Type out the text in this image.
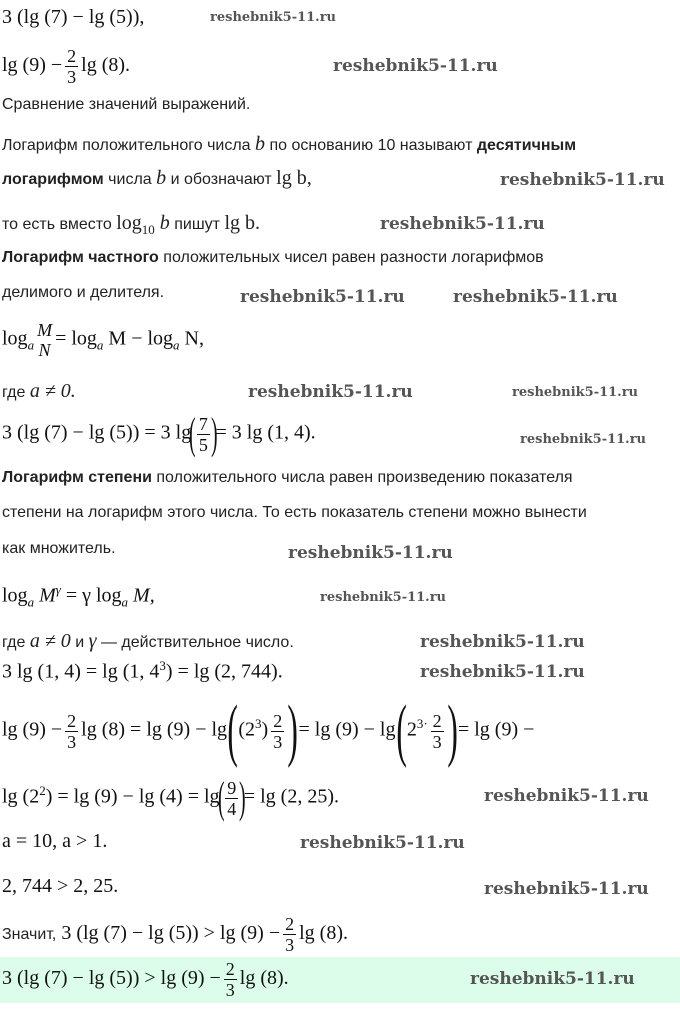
3 (lg (7) − lg (5)),
$\lg (9) - \frac{2}{3}$ lg (8).
Сравнение значений выражений.
Логарифм положительного числа b по основанию 10 называют десятичным
логарифмом числа b и обозначают lg b,
то есть вместо $\log_{10} b$ пишут lg b.
Логарифм частного положительных чисел равен разности логарифмов
делимого и делителя.
$\log_a$
M
N
= $\log_a M - \log_a N$,
где a ≠ 0.
3 (lg (7) − lg (5)) = 3 $\lg( \frac{7}{5}$ )= 3 lg (1, 4).
Логарифм степени положительного числа равен произведению показателя
степени на логарифм этого числа. То есть показатель степени можно вынести
как множитель.
$\log_a M^\gamma = \gamma$ $\log_a M$,
где a ≠ 0 и γ — действительное число.
3 lg (1, 4) = lg (1, $4^3) = \lg (2$, 744).
$\lg (9) - \frac{2}{3}$ $\lg (8) = \lg (9) - \lg((2^3) \frac{2}{3}$ )= $\lg (9) - \lg(2^{3\cdot} \frac{2}{3}$ )= lg (9) −
$\lg (2^2) = \lg (9) - \lg (4) = \lg( \frac{9}{4}$ )= lg (2, 25).
a = 10, a > 1.
2, 744 > 2, 25.
Значит, 3 (lg $(7) - \lg (5)) > \lg (9) - \frac{2}{3}$ lg (8).
3 (lg $(7) - \lg (5)) > \lg (9) - \frac{2}{3}$ lg (8).
reshebnik5-11.ru
reshebnik5-11.ru
reshebnik5-11.ru
reshebnik5-11.ru
reshebnik5-11.ru	reshebnik5-11.ru
reshebnik5-11.ru	reshebnik5-11.ru
reshebnik5-11.ru
reshebnik5-11.ru
reshebnik5-11.ru
reshebnik5-11.ru
reshebnik5-11.ru
reshebnik5-11.ru
reshebnik5-11.ru
reshebnik5-11.ru
reshebnik5-11.ru
